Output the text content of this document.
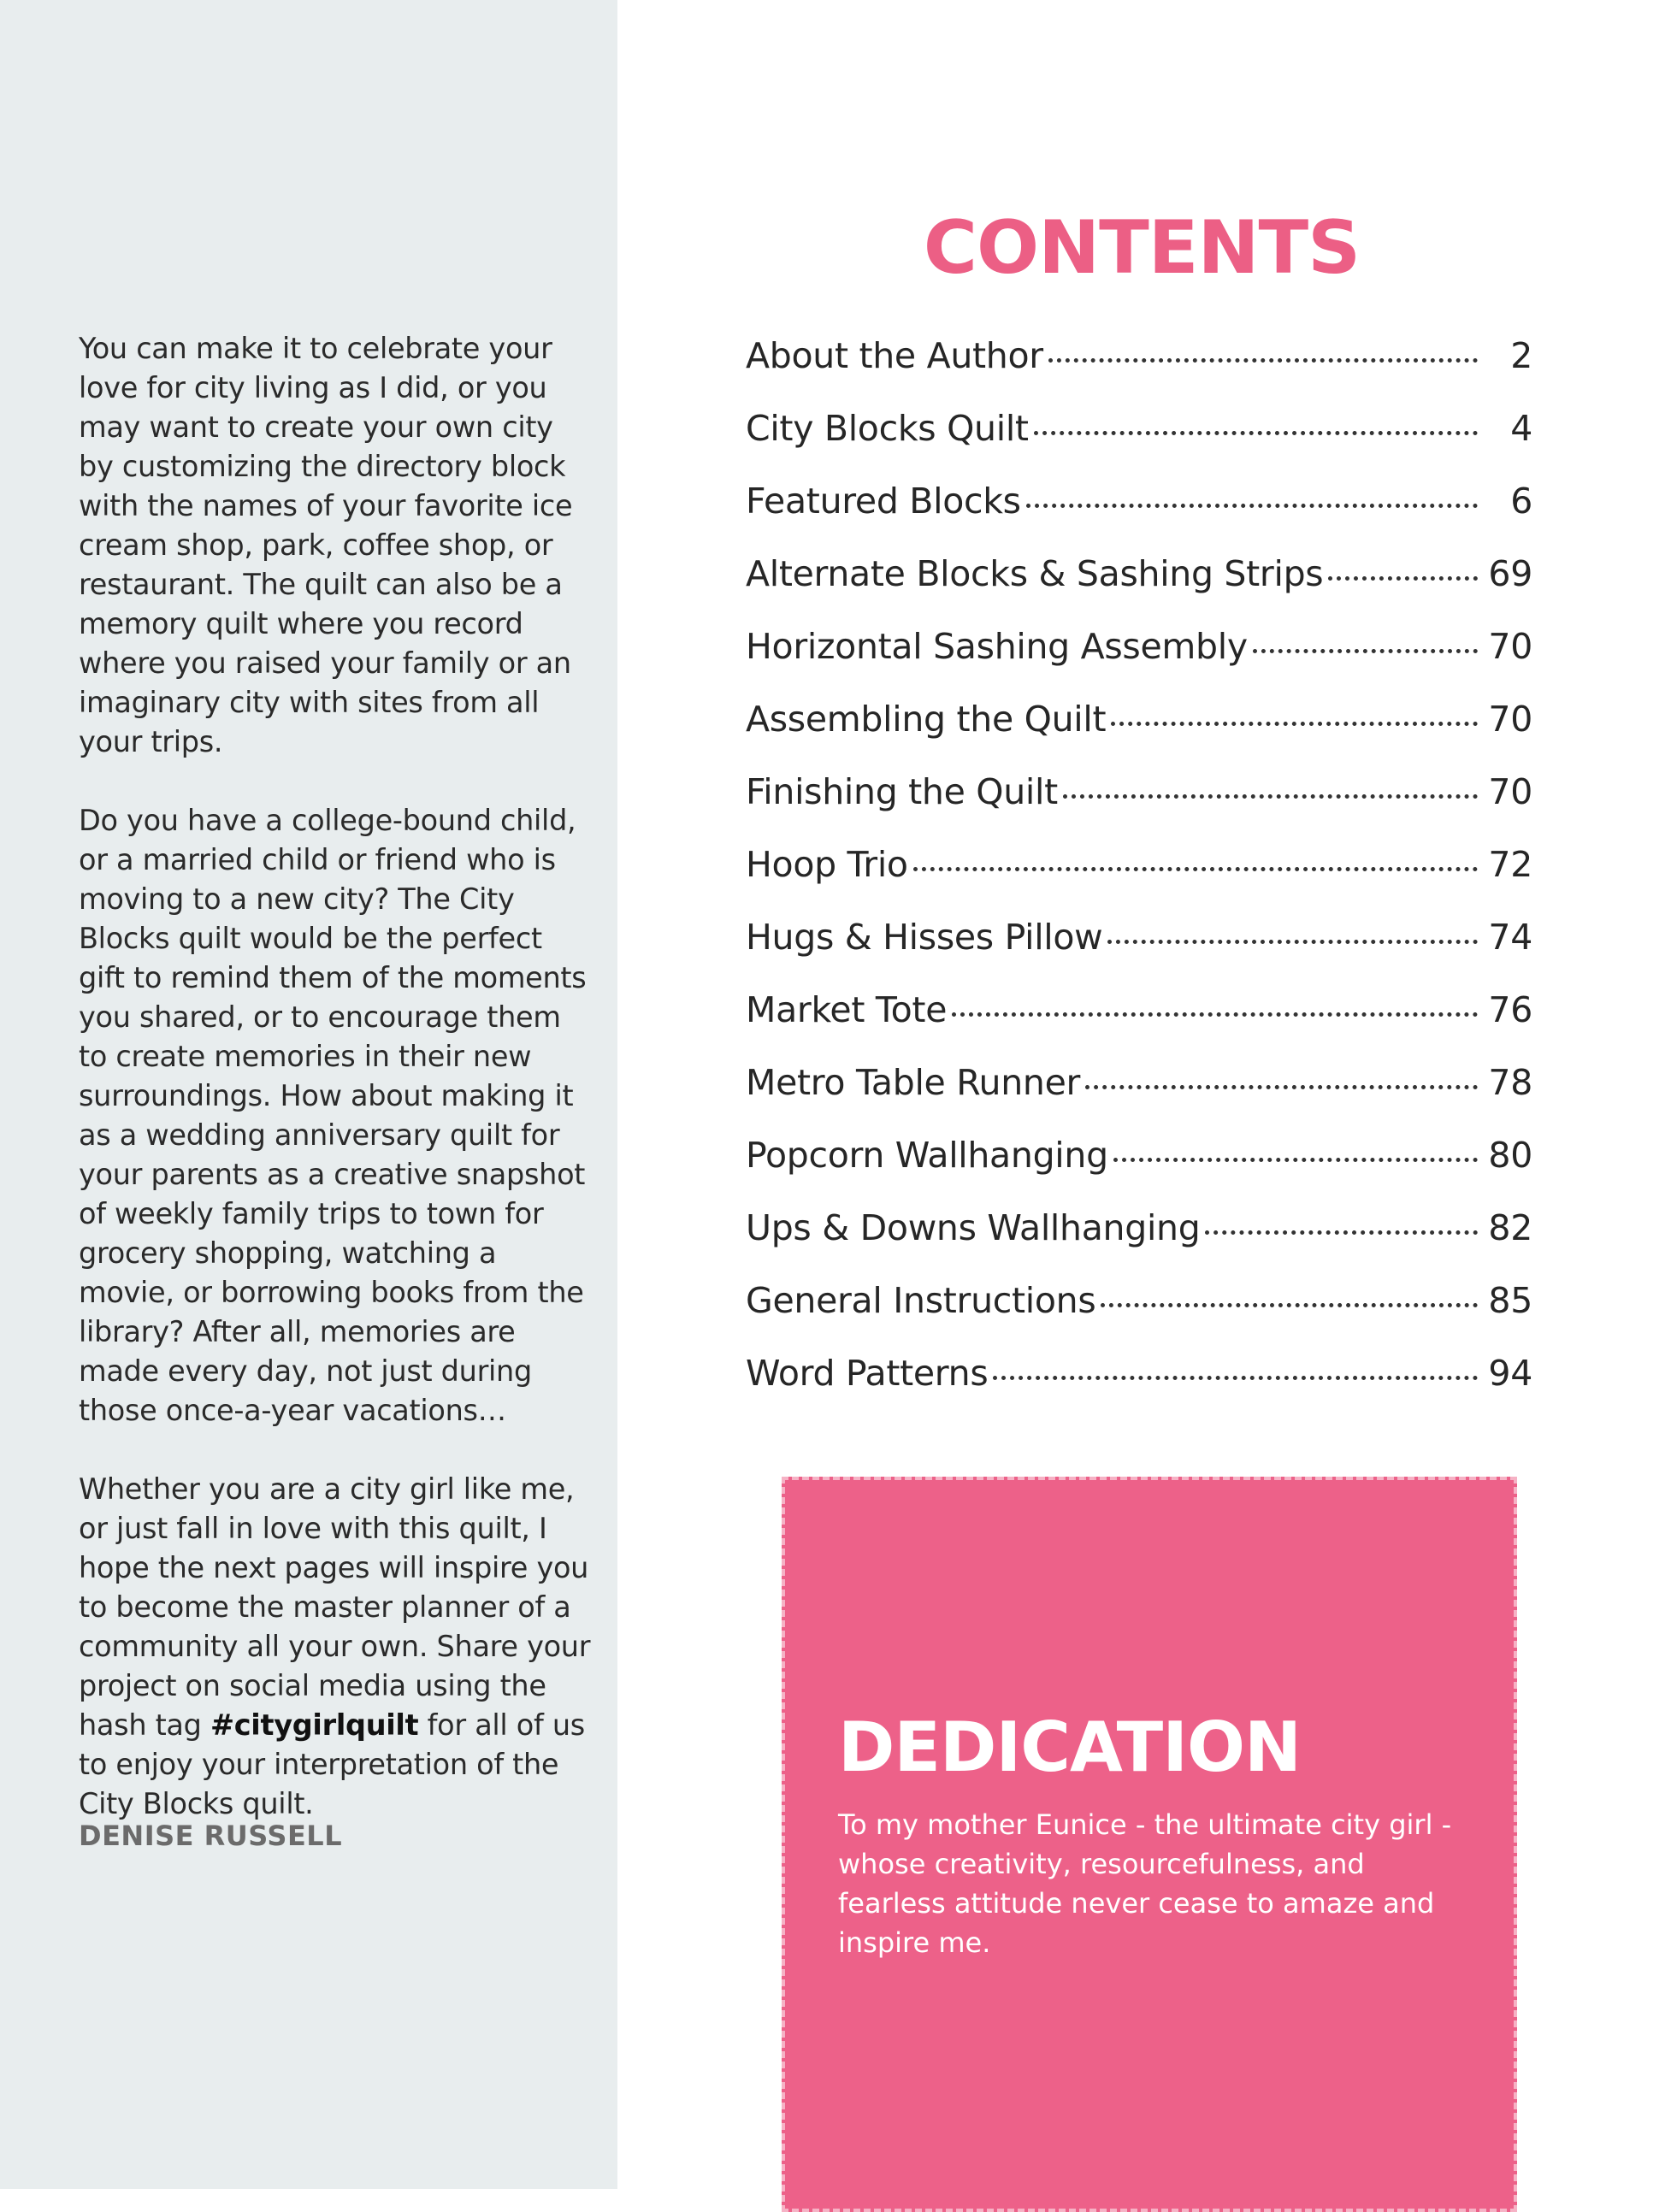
You can make it to celebrate your love for city living as I did, or you may want to create your own city by customizing the directory block with the names of your favorite ice cream shop, park, coffee shop, or restaurant. The quilt can also be a memory quilt where you record where you raised your family or an imaginary city with sites from all your trips.

Do you have a college-bound child, or a married child or friend who is moving to a new city? The City Blocks quilt would be the perfect gift to remind them of the moments you shared, or to encourage them to create memories in their new surroundings. How about making it as a wedding anniversary quilt for your parents as a creative snapshot of weekly family trips to town for grocery shopping, watching a movie, or borrowing books from the library? After all, memories are made every day, not just during those once-a-year vacations…

Whether you are a city girl like me, or just fall in love with this quilt, I hope the next pages will inspire you to become the master planner of a community all your own. Share your project on social media using the hash tag #citygirlquilt for all of us to enjoy your interpretation of the City Blocks quilt.

DENISE RUSSELL
CONTENTS
About the Author	2
City Blocks Quilt	4
Featured Blocks	6
Alternate Blocks & Sashing Strips	69
Horizontal Sashing Assembly	70
Assembling the Quilt	70
Finishing the Quilt	70
Hoop Trio	72
Hugs & Hisses Pillow	74
Market Tote	76
Metro Table Runner	78
Popcorn Wallhanging	80
Ups & Downs Wallhanging	82
General Instructions	85
Word Patterns	94
DEDICATION

To my mother Eunice - the ultimate city girl - whose creativity, resourcefulness, and fearless attitude never cease to amaze and inspire me.
